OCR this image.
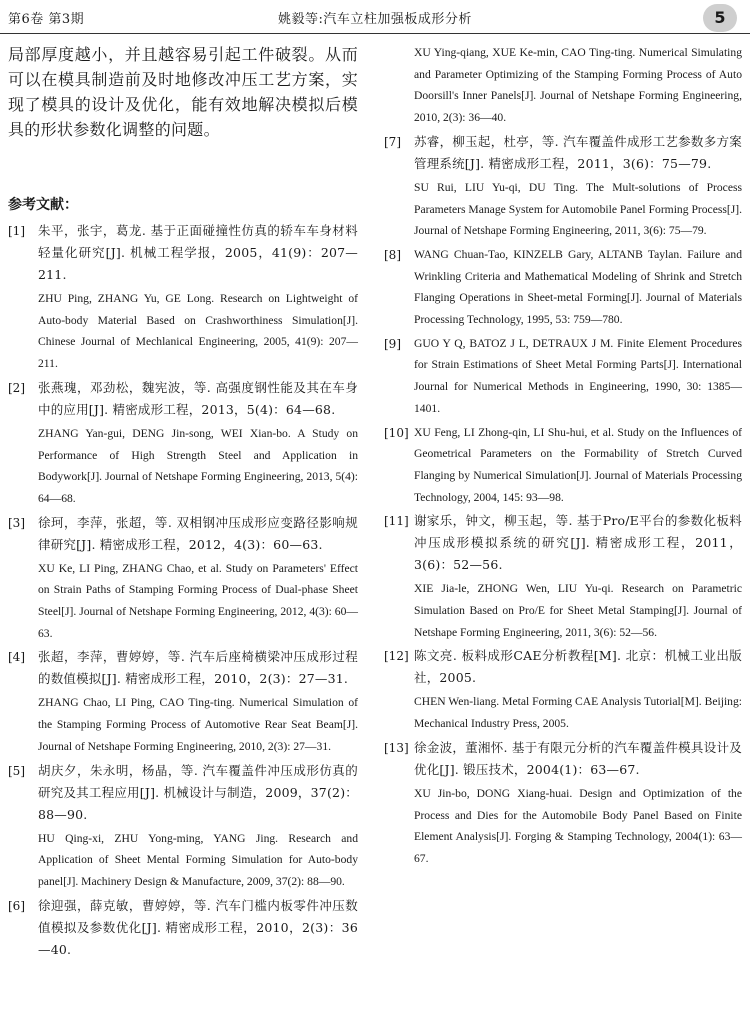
第6卷 第3期	姚毅等:汽车立柱加强板成形分析	5

局部厚度越小，并且越容易引起工件破裂。从而可以在模具制造前及时地修改冲压工艺方案，实现了模具的设计及优化，能有效地解决模拟后模具的形状参数化调整的问题。

参考文献：
[1]	朱平，张宇，葛龙. 基于正面碰撞性仿真的轿车车身材料轻量化研究[J]. 机械工程学报，2005，41(9)：207—211.

ZHU Ping, ZHANG Yu, GE Long. Research on Lightweight of Auto-body Material Based on Crashworthiness Simulation[J]. Chinese Journal of Mechlanical Engineering, 2005, 41(9): 207—211.

[2]	张燕瑰，邓劲松，魏宪波，等. 高强度钢性能及其在车身中的应用[J]. 精密成形工程，2013，5(4)：64—68.

ZHANG Yan-gui, DENG Jin-song, WEI Xian-bo. A Study on Performance of High Strength Steel and Application in Bodywork[J]. Journal of Netshape Forming Engineering, 2013, 5(4): 64—68.

[3]	徐珂，李萍，张超，等. 双相钢冲压成形应变路径影响规律研究[J]. 精密成形工程，2012，4(3)：60—63.

XU Ke, LI Ping, ZHANG Chao, et al. Study on Parameters' Effect on Strain Paths of Stamping Forming Process of Dual-phase Sheet Steel[J]. Journal of Netshape Forming Engineering, 2012, 4(3): 60—63.

[4]	张超，李萍，曹婷婷，等. 汽车后座椅横梁冲压成形过程的数值模拟[J]. 精密成形工程，2010，2(3)：27—31.

ZHANG Chao, LI Ping, CAO Ting-ting. Numerical Simulation of the Stamping Forming Process of Automotive Rear Seat Beam[J]. Journal of Netshape Forming Engineering, 2010, 2(3): 27—31.

[5]	胡庆夕，朱永明，杨晶，等. 汽车覆盖件冲压成形仿真的研究及其工程应用[J]. 机械设计与制造，2009，37(2)：88—90.

HU Qing-xi, ZHU Yong-ming, YANG Jing. Research and Application of Sheet Mental Forming Simulation for Auto-body panel[J]. Machinery Design & Manufacture, 2009, 37(2): 88—90.

[6]	徐迎强，薛克敏，曹婷婷，等. 汽车门槛内板零件冲压数值模拟及参数优化[J]. 精密成形工程，2010，2(3)：36—40.

XU Ying-qiang, XUE Ke-min, CAO Ting-ting. Numerical Simulating and Parameter Optimizing of the Stamping Forming Process of Auto Doorsill's Inner Panels[J]. Journal of Netshape Forming Engineering, 2010, 2(3): 36—40.

[7]	苏睿，柳玉起，杜亭，等. 汽车覆盖件成形工艺参数多方案管理系统[J]. 精密成形工程，2011，3(6)：75—79.

SU Rui, LIU Yu-qi, DU Ting. The Mult-solutions of Process Parameters Manage System for Automobile Panel Forming Process[J]. Journal of Netshape Forming Engineering, 2011, 3(6): 75—79.

[8]	WANG Chuan-Tao, KINZELB Gary, ALTANB Taylan. Failure and Wrinkling Criteria and Mathematical Modeling of Shrink and Stretch Flanging Operations in Sheet-metal Forming[J]. Journal of Materials Processing Technology, 1995, 53: 759—780.

[9]	GUO Y Q, BATOZ J L, DETRAUX J M. Finite Element Procedures for Strain Estimations of Sheet Metal Forming Parts[J]. International Journal for Numerical Methods in Engineering, 1990, 30: 1385—1401.

[10] XU Feng, LI Zhong-qin, LI Shu-hui, et al. Study on the Influences of Geometrical Parameters on the Formability of Stretch Curved Flanging by Numerical Simulation[J]. Journal of Materials Processing Technology, 2004, 145: 93—98.

[11] 谢家乐，钟文，柳玉起，等. 基于Pro/E平台的参数化板料冲压成形模拟系统的研究[J]. 精密成形工程，2011，3(6)：52—56.

XIE Jia-le, ZHONG Wen, LIU Yu-qi. Research on Parametric Simulation Based on Pro/E for Sheet Metal Stamping[J]. Journal of Netshape Forming Engineering, 2011, 3(6): 52—56.

[12] 陈文亮. 板料成形CAE分析教程[M]. 北京：机械工业出版社，2005.

CHEN Wen-liang. Metal Forming CAE Analysis Tutorial[M]. Beijing: Mechanical Industry Press, 2005.

[13] 徐金波，董湘怀. 基于有限元分析的汽车覆盖件模具设计及优化[J]. 锻压技术，2004(1)：63—67.

XU Jin-bo, DONG Xiang-huai. Design and Optimization of the Process and Dies for the Automobile Body Panel Based on Finite Element Analysis[J]. Forging & Stamping Technology, 2004(1): 63—67.
